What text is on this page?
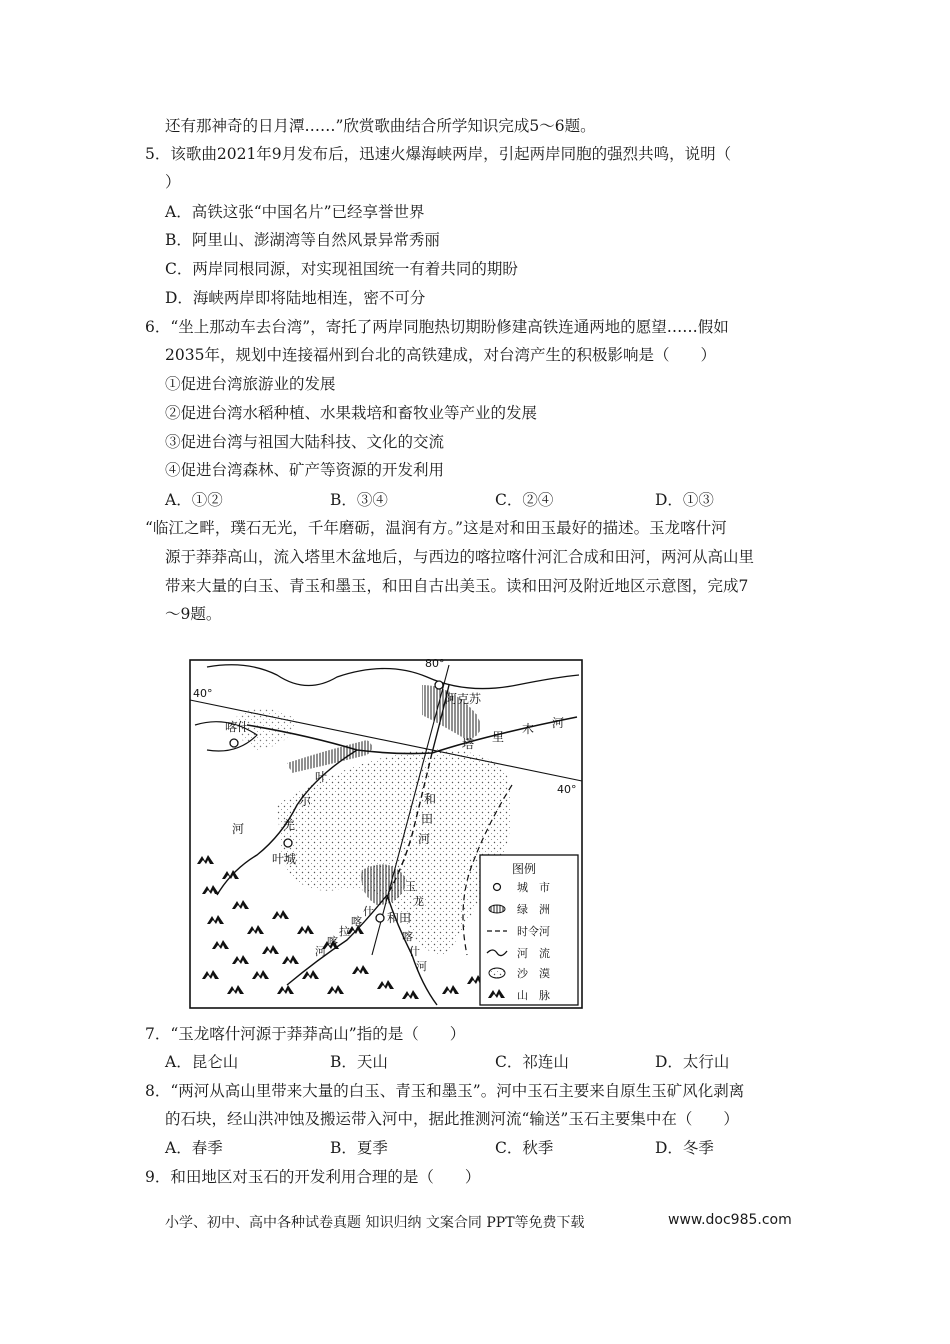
还有那神奇的日月潭……”欣赏歌曲结合所学知识完成5～6题。
5．该歌曲2021年9月发布后，迅速火爆海峡两岸，引起两岸同胞的强烈共鸣，说明（
）
A．高铁这张“中国名片”已经享誉世界
B．阿里山、澎湖湾等自然风景异常秀丽
C．两岸同根同源，对实现祖国统一有着共同的期盼
D．海峡两岸即将陆地相连，密不可分
6．“坐上那动车去台湾”，寄托了两岸同胞热切期盼修建高铁连通两地的愿望……假如
2035年，规划中连接福州到台北的高铁建成，对台湾产生的积极影响是（　　）
①促进台湾旅游业的发展
②促进台湾水稻种植、水果栽培和畜牧业等产业的发展
③促进台湾与祖国大陆科技、文化的交流
④促进台湾森林、矿产等资源的开发利用
A．①②	B．③④	C．②④	D．①③
“临江之畔，璞石无光，千年磨砺，温润有方。”这是对和田玉最好的描述。玉龙喀什河
源于莽莽高山，流入塔里木盆地后，与西边的喀拉喀什河汇合成和田河，两河从高山里
带来大量的白玉、青玉和墨玉，和田自古出美玉。读和田河及附近地区示意图，完成7
～9题。
80°
40°
40°
阿克苏
喀什
叶城
和田
塔 里
木 河
和
田
河
叶
尔
羌
河
玉
龙
喀
什
河
喀
拉
喀
什
河
图例
城　市
绿　洲
时令河
河　流
沙　漠
山　脉
7．“玉龙喀什河源于莽莽高山”指的是（　　）
A．昆仑山	B．天山	C．祁连山	D．太行山
8．“两河从高山里带来大量的白玉、青玉和墨玉”。河中玉石主要来自原生玉矿风化剥离
的石块，经山洪冲蚀及搬运带入河中，据此推测河流“输送”玉石主要集中在（　　）
A．春季	B．夏季	C．秋季	D．冬季
9．和田地区对玉石的开发利用合理的是（　　）
小学、初中、高中各种试卷真题 知识归纳 文案合同 PPT等免费下载	www.doc985.com
